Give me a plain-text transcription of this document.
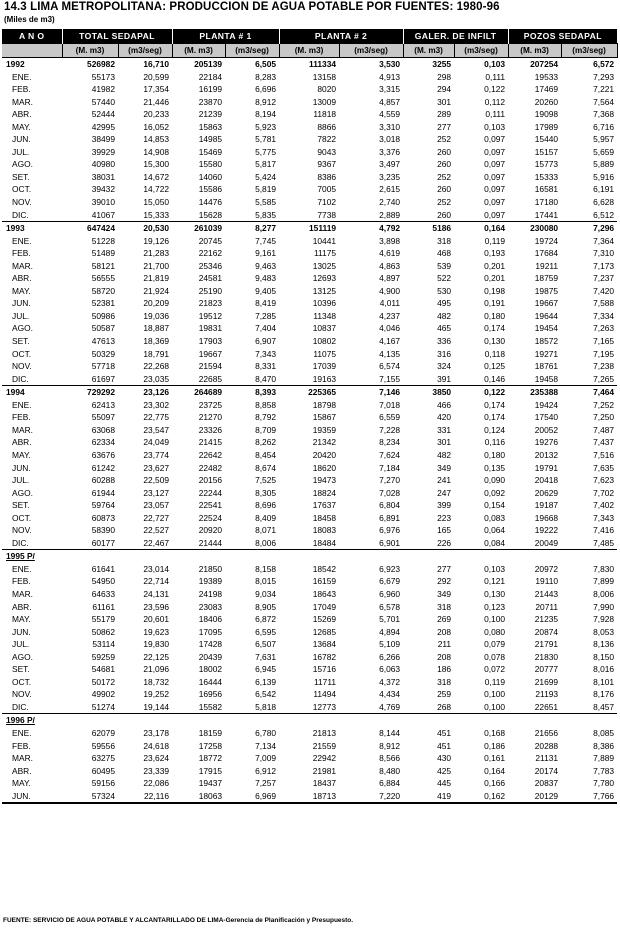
14.3 LIMA METROPOLITANA: PRODUCCION DE AGUA POTABLE POR FUENTES: 1980-96
(Miles de m3)
A N O	TOTAL SEDAPAL		PLANTA # 1		PLANTA # 2		GALER. DE INFILT		POZOS SEDAPAL	
	(M. m3)	(m3/seg)	(M. m3)	(m3/seg)	(M. m3)	(m3/seg)	(M. m3)	(m3/seg)	(M. m3)	(m3/seg)
1992	526982	16,710	205139	6,505	111334	3,530	3255	0,103	207254	6,572
ENE.	55173	20,599	22184	8,283	13158	4,913	298	0,111	19533	7,293
FEB.	41982	17,354	16199	6,696	8020	3,315	294	0,122	17469	7,221
MAR.	57440	21,446	23870	8,912	13009	4,857	301	0,112	20260	7,564
ABR.	52444	20,233	21239	8,194	11818	4,559	289	0,111	19098	7,368
MAY.	42995	16,052	15863	5,923	8866	3,310	277	0,103	17989	6,716
JUN.	38499	14,853	14985	5,781	7822	3,018	252	0,097	15440	5,957
JUL.	39929	14,908	15469	5,775	9043	3,376	260	0,097	15157	5,659
AGO.	40980	15,300	15580	5,817	9367	3,497	260	0,097	15773	5,889
SET.	38031	14,672	14060	5,424	8386	3,235	252	0,097	15333	5,916
OCT.	39432	14,722	15586	5,819	7005	2,615	260	0,097	16581	6,191
NOV.	39010	15,050	14476	5,585	7102	2,740	252	0,097	17180	6,628
DIC.	41067	15,333	15628	5,835	7738	2,889	260	0,097	17441	6,512
1993	647424	20,530	261039	8,277	151119	4,792	5186	0,164	230080	7,296
ENE.	51228	19,126	20745	7,745	10441	3,898	318	0,119	19724	7,364
FEB.	51489	21,283	22162	9,161	11175	4,619	468	0,193	17684	7,310
MAR.	58121	21,700	25346	9,463	13025	4,863	539	0,201	19211	7,173
ABR.	56555	21,819	24581	9,483	12693	4,897	522	0,201	18759	7,237
MAY.	58720	21,924	25190	9,405	13125	4,900	530	0,198	19875	7,420
JUN.	52381	20,209	21823	8,419	10396	4,011	495	0,191	19667	7,588
JUL.	50986	19,036	19512	7,285	11348	4,237	482	0,180	19644	7,334
AGO.	50587	18,887	19831	7,404	10837	4,046	465	0,174	19454	7,263
SET.	47613	18,369	17903	6,907	10802	4,167	336	0,130	18572	7,165
OCT.	50329	18,791	19667	7,343	11075	4,135	316	0,118	19271	7,195
NOV.	57718	22,268	21594	8,331	17039	6,574	324	0,125	18761	7,238
DIC.	61697	23,035	22685	8,470	19163	7,155	391	0,146	19458	7,265
1994	729292	23,126	264689	8,393	225365	7,146	3850	0,122	235388	7,464
ENE.	62413	23,302	23725	8,858	18798	7,018	466	0,174	19424	7,252
FEB.	55097	22,775	21270	8,792	15867	6,559	420	0,174	17540	7,250
MAR.	63068	23,547	23326	8,709	19359	7,228	331	0,124	20052	7,487
ABR.	62334	24,049	21415	8,262	21342	8,234	301	0,116	19276	7,437
MAY.	63676	23,774	22642	8,454	20420	7,624	482	0,180	20132	7,516
JUN.	61242	23,627	22482	8,674	18620	7,184	349	0,135	19791	7,635
JUL.	60288	22,509	20156	7,525	19473	7,270	241	0,090	20418	7,623
AGO.	61944	23,127	22244	8,305	18824	7,028	247	0,092	20629	7,702
SET.	59764	23,057	22541	8,696	17637	6,804	399	0,154	19187	7,402
OCT.	60873	22,727	22524	8,409	18458	6,891	223	0,083	19668	7,343
NOV.	58390	22,527	20920	8,071	18083	6,976	165	0,064	19222	7,416
DIC.	60177	22,467	21444	8,006	18484	6,901	226	0,084	20049	7,485
1995 P/										
ENE.	61641	23,014	21850	8,158	18542	6,923	277	0,103	20972	7,830
FEB.	54950	22,714	19389	8,015	16159	6,679	292	0,121	19110	7,899
MAR.	64633	24,131	24198	9,034	18643	6,960	349	0,130	21443	8,006
ABR.	61161	23,596	23083	8,905	17049	6,578	318	0,123	20711	7,990
MAY.	55179	20,601	18406	6,872	15269	5,701	269	0,100	21235	7,928
JUN.	50862	19,623	17095	6,595	12685	4,894	208	0,080	20874	8,053
JUL.	53114	19,830	17428	6,507	13684	5,109	211	0,079	21791	8,136
AGO.	59259	22,125	20439	7,631	16782	6,266	208	0,078	21830	8,150
SET.	54681	21,096	18002	6,945	15716	6,063	186	0,072	20777	8,016
OCT.	50172	18,732	16444	6,139	11711	4,372	318	0,119	21699	8,101
NOV.	49902	19,252	16956	6,542	11494	4,434	259	0,100	21193	8,176
DIC.	51274	19,144	15582	5,818	12773	4,769	268	0,100	22651	8,457
1996 P/										
ENE.	62079	23,178	18159	6,780	21813	8,144	451	0,168	21656	8,085
FEB.	59556	24,618	17258	7,134	21559	8,912	451	0,186	20288	8,386
MAR.	63275	23,624	18772	7,009	22942	8,566	430	0,161	21131	7,889
ABR.	60495	23,339	17915	6,912	21981	8,480	425	0,164	20174	7,783
MAY.	59156	22,086	19437	7,257	18437	6,884	445	0,166	20837	7,780
JUN.	57324	22,116	18063	6,969	18713	7,220	419	0,162	20129	7,766
FUENTE: SERVICIO DE AGUA POTABLE Y ALCANTARILLADO DE LIMA-Gerencia de Planificación y Presupuesto.
